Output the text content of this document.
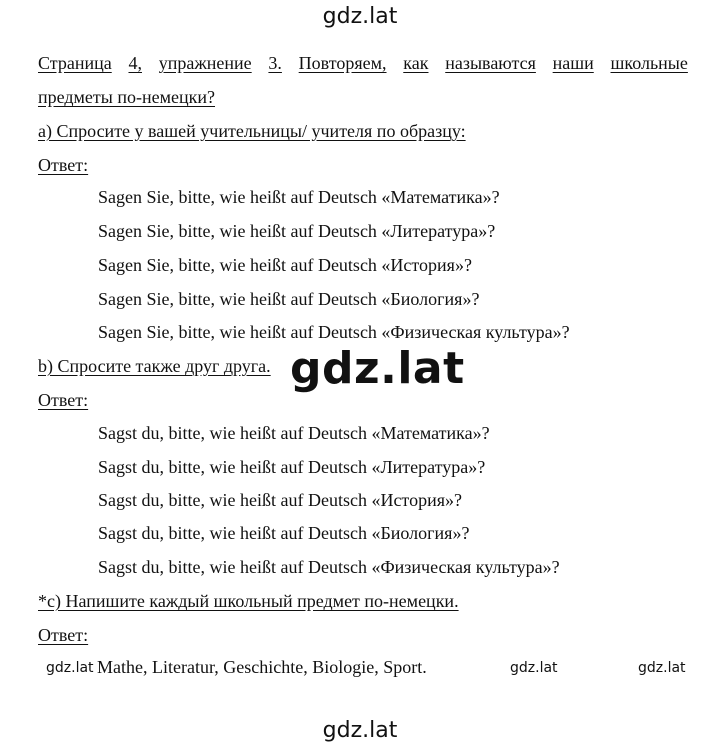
gdz.lat
gdz.lat
Страница 4, упражнение 3. Повторяем, как называются наши школьные
предметы по-немецки?
a) Спросите у вашей учительницы/ учителя по образцу:
Ответ:
Sagen Sie, bitte, wie heißt auf Deutsch «Математика»?
Sagen Sie, bitte, wie heißt auf Deutsch «Литература»?
Sagen Sie, bitte, wie heißt auf Deutsch «История»?
Sagen Sie, bitte, wie heißt auf Deutsch «Биология»?
Sagen Sie, bitte, wie heißt auf Deutsch «Физическая культура»?
b) Спросите также друг друга.
Ответ:
Sagst du, bitte, wie heißt auf Deutsch «Математика»?
Sagst du, bitte, wie heißt auf Deutsch «Литература»?
Sagst du, bitte, wie heißt auf Deutsch «История»?
Sagst du, bitte, wie heißt auf Deutsch «Биология»?
Sagst du, bitte, wie heißt auf Deutsch «Физическая культура»?
*c) Напишите каждый школьный предмет по-немецки.
Ответ:
Mathe, Literatur, Geschichte, Biologie, Sport.
gdz.lat
gdz.lat	gdz.lat	gdz.lat
